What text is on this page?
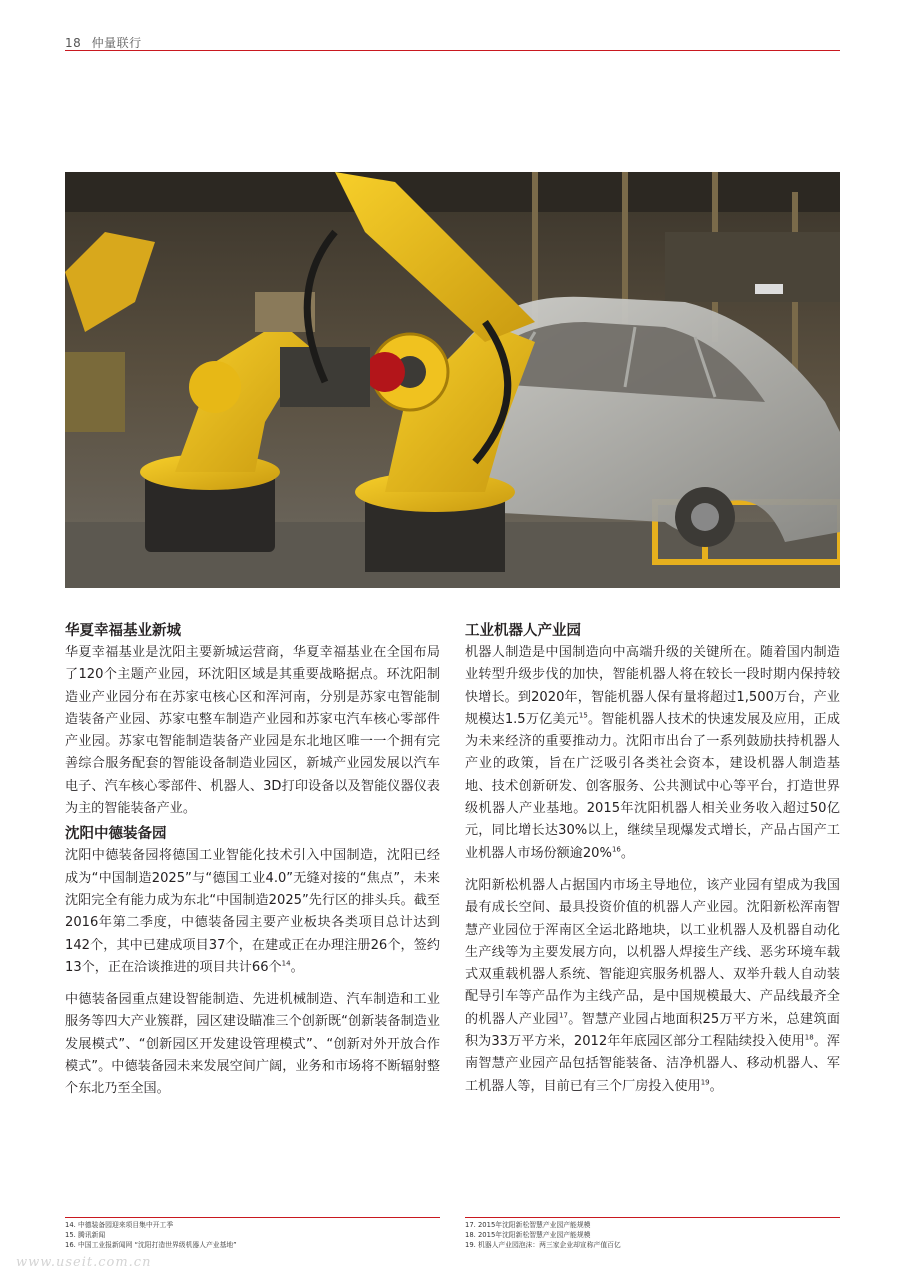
18 仲量联行
华夏幸福基业新城

华夏幸福基业是沈阳主要新城运营商，华夏幸福基业在全国布局了120个主题产业园，环沈阳区域是其重要战略据点。环沈阳制造业产业园分布在苏家屯核心区和浑河南，分别是苏家屯智能制造装备产业园、苏家屯整车制造产业园和苏家屯汽车核心零部件产业园。苏家屯智能制造装备产业园是东北地区唯一一个拥有完善综合服务配套的智能设备制造业园区，新城产业园发展以汽车电子、汽车核心零部件、机器人、3D打印设备以及智能仪器仪表为主的智能装备产业。

沈阳中德装备园

沈阳中德装备园将德国工业智能化技术引入中国制造，沈阳已经成为“中国制造2025”与“德国工业4.0”无缝对接的“焦点”，未来沈阳完全有能力成为东北“中国制造2025”先行区的排头兵。截至2016年第二季度，中德装备园主要产业板块各类项目总计达到142个，其中已建成项目37个，在建或正在办理注册26个，签约13个，正在洽谈推进的项目共计66个$^{14}$。

中德装备园重点建设智能制造、先进机械制造、汽车制造和工业服务等四大产业簇群，园区建设瞄准三个创新既“创新装备制造业发展模式”、“创新园区开发建设管理模式”、“创新对外开放合作模式”。中德装备园未来发展空间广阔，业务和市场将不断辐射整个东北乃至全国。

工业机器人产业园

机器人制造是中国制造向中高端升级的关键所在。随着国内制造业转型升级步伐的加快，智能机器人将在较长一段时期内保持较快增长。到2020年，智能机器人保有量将超过1,500万台，产业规模达1.5万亿美元$^{15}$。智能机器人技术的快速发展及应用，正成为未来经济的重要推动力。沈阳市出台了一系列鼓励扶持机器人产业的政策，旨在广泛吸引各类社会资本，建设机器人制造基地、技术创新研发、创客服务、公共测试中心等平台，打造世界级机器人产业基地。2015年沈阳机器人相关业务收入超过50亿元，同比增长达30%以上，继续呈现爆发式增长，产品占国产工业机器人市场份额逾20%$^{16}$。

沈阳新松机器人占据国内市场主导地位，该产业园有望成为我国最有成长空间、最具投资价值的机器人产业园。沈阳新松浑南智慧产业园位于浑南区全运北路地块，以工业机器人及机器自动化生产线等为主要发展方向，以机器人焊接生产线、恶劣环境车载式双重载机器人系统、智能迎宾服务机器人、双举升载人自动装配导引车等产品作为主线产品，是中国规模最大、产品线最齐全的机器人产业园$^{17}$。智慧产业园占地面积25万平方米，总建筑面积为33万平方米，2012年年底园区部分工程陆续投入使用$^{18}$。浑南智慧产业园产品包括智能装备、洁净机器人、移动机器人、军工机器人等，目前已有三个厂房投入使用$^{19}$。

14. 中德装备园迎来项目集中开工季
15. 腾讯新闻
16. 中国工业报新闻网 “沈阳打造世界级机器人产业基地”
17. 2015年沈阳新松智慧产业园产能规模
18. 2015年沈阳新松智慧产业园产能规模
19. 机器人产业园泡沫：两三家企业却宣称产值百亿
www.useit.com.cn
